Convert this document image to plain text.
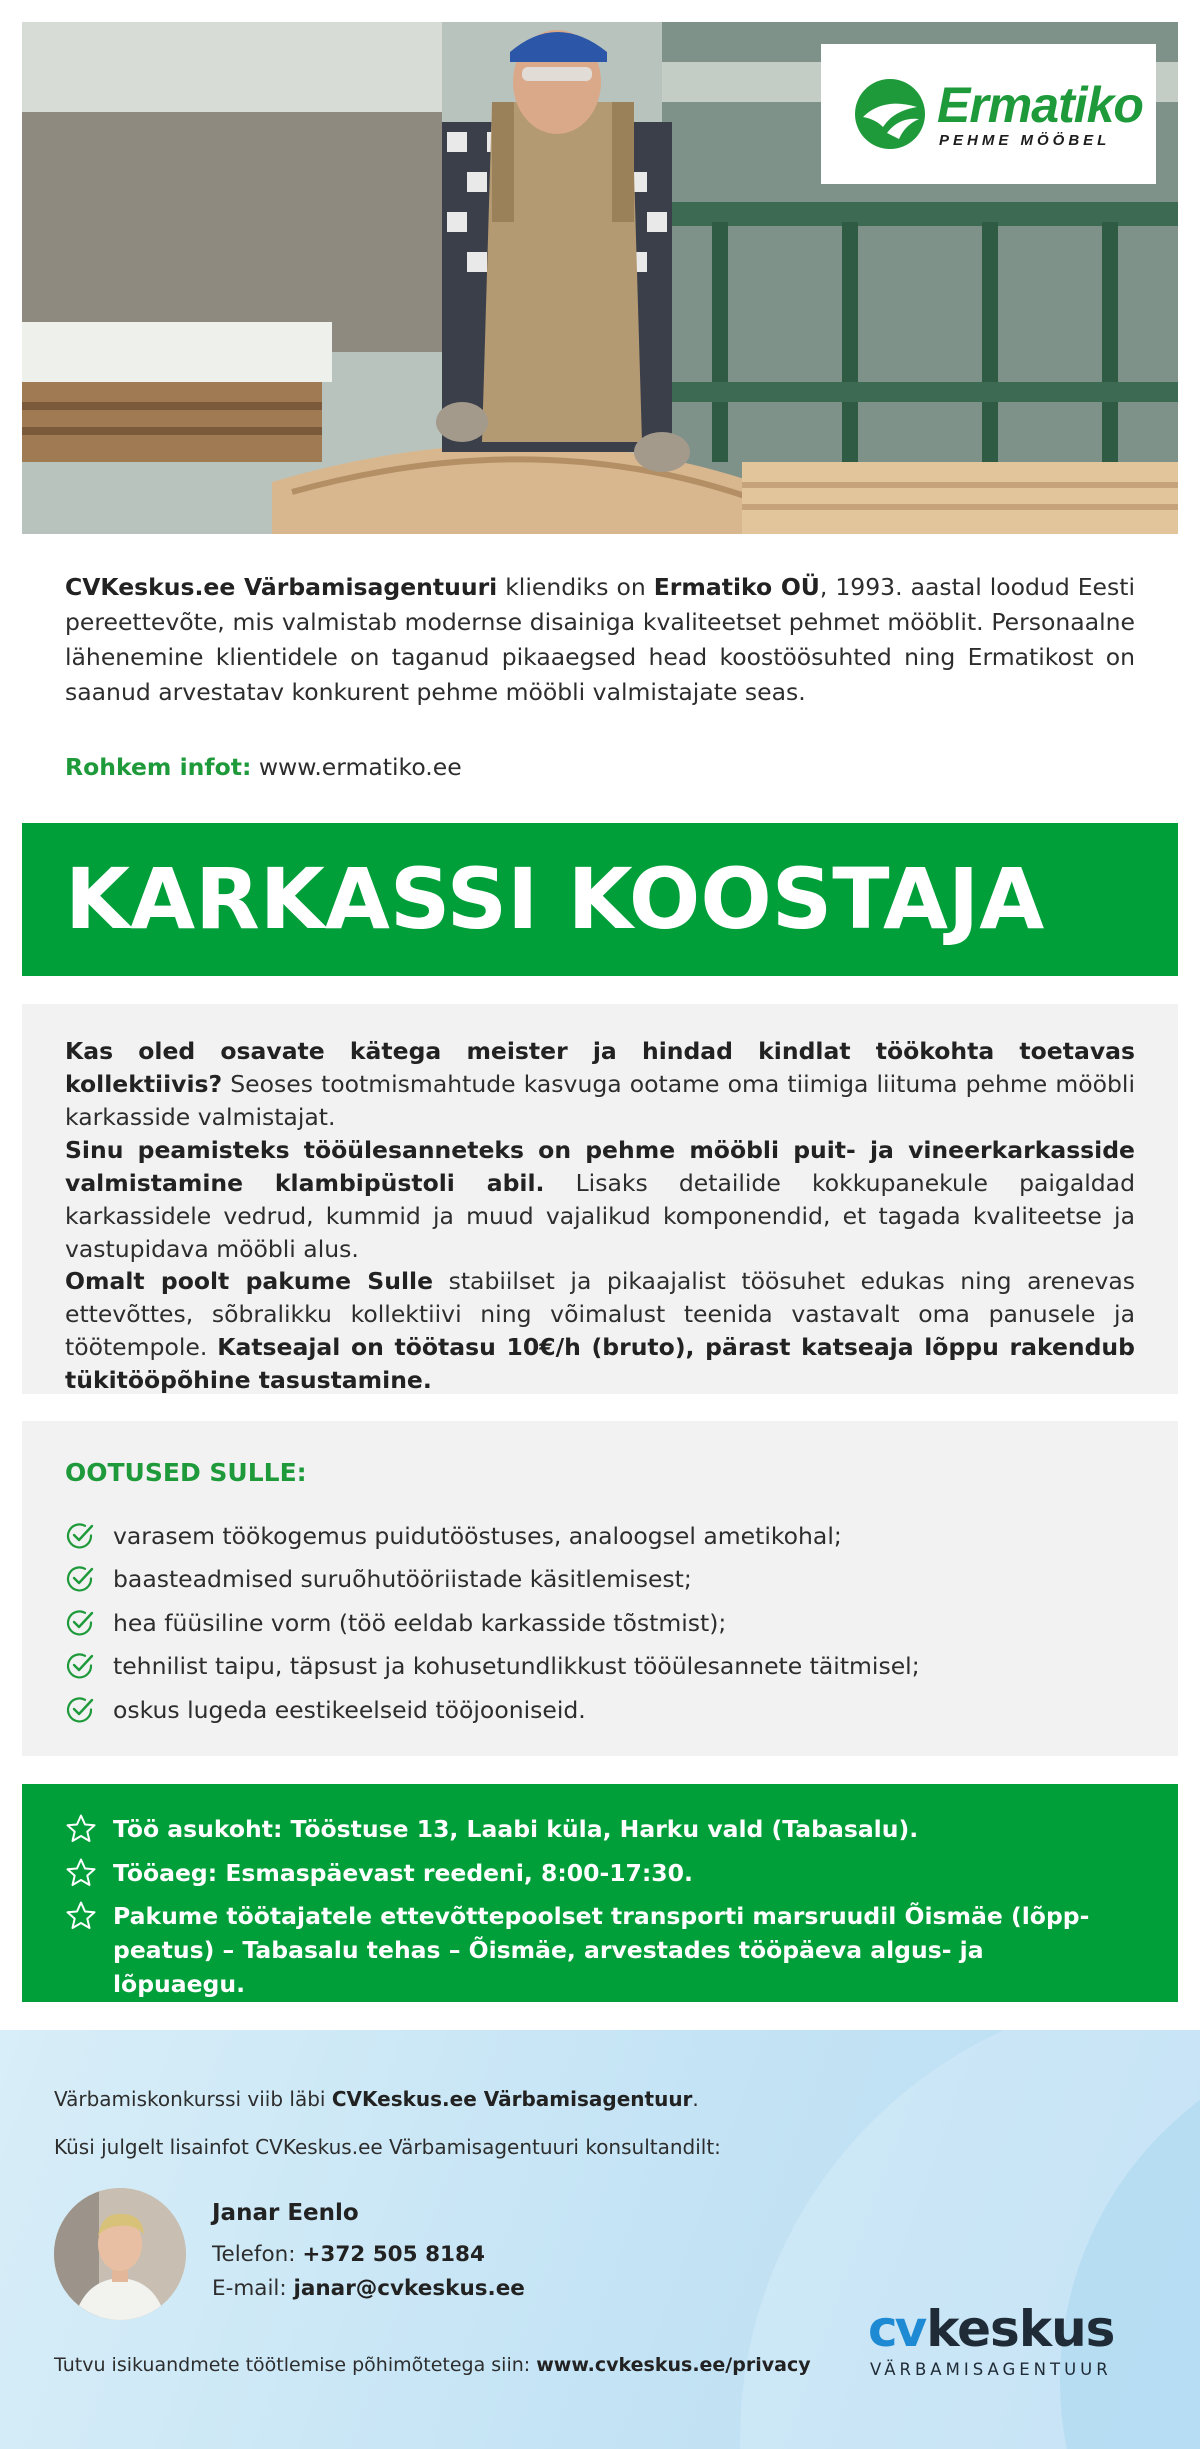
Ermatiko
PEHME MÖÖBEL

CVKeskus.ee Värbamisagentuuri kliendiks on Ermatiko OÜ, 1993. aastal loodud Eesti pereettevõte, mis valmistab modernse disainiga kvaliteetset pehmet mööblit. Personaalne lähenemine klientidele on taganud pikaaegsed head koostöösuhted ning Ermatikost on saanud arvestatav konkurent pehme mööbli valmistajate seas.

Rohkem infot: www.ermatiko.ee

KARKASSI KOOSTAJA

Kas oled osavate kätega meister ja hindad kindlat töökohta toetavas kollektiivis? Seoses tootmismahtude kasvuga ootame oma tiimiga liituma pehme mööbli karkasside valmistajat.

Sinu peamisteks tööülesanneteks on pehme mööbli puit- ja vineerkarkasside valmistamine klambipüstoli abil. Lisaks detailide kokkupanekule paigaldad karkassidele vedrud, kummid ja muud vajalikud komponendid, et tagada kvaliteetse ja vastupidava mööbli alus.

Omalt poolt pakume Sulle stabiilset ja pikaajalist töösuhet edukas ning arenevas ettevõttes, sõbralikku kollektiivi ning võimalust teenida vastavalt oma panusele ja töötempole. Katseajal on töötasu 10€/h (bruto), pärast katseaja lõppu rakendub tükitööpõhine tasustamine.

OOTUSED SULLE:
varasem töökogemus puidutööstuses, analoogsel ametikohal;
baasteadmised suruõhutööriistade käsitlemisest;
hea füüsiline vorm (töö eeldab karkasside tõstmist);
tehnilist taipu, täpsust ja kohusetundlikkust tööülesannete täitmisel;
oskus lugeda eestikeelseid tööjooniseid.
Töö asukoht: Tööstuse 13, Laabi küla, Harku vald (Tabasalu).
Tööaeg: Esmaspäevast reedeni, 8:00-17:30.
Pakume töötajatele ettevõttepoolset transporti marsruudil Õismäe (lõpp-peatus) – Tabasalu tehas – Õismäe, arvestades tööpäeva algus- ja lõpuaegu.

Värbamiskonkurssi viib läbi CVKeskus.ee Värbamisagentuur.

Küsi julgelt lisainfot CVKeskus.ee Värbamisagentuuri konsultandilt:

Janar Eenlo

Telefon: +372 505 8184

E-mail: janar@cvkeskus.ee

Tutvu isikuandmete töötlemise põhimõtetega siin: www.cvkeskus.ee/privacy

cv keskus
VÄRBAMISAGENTUUR
